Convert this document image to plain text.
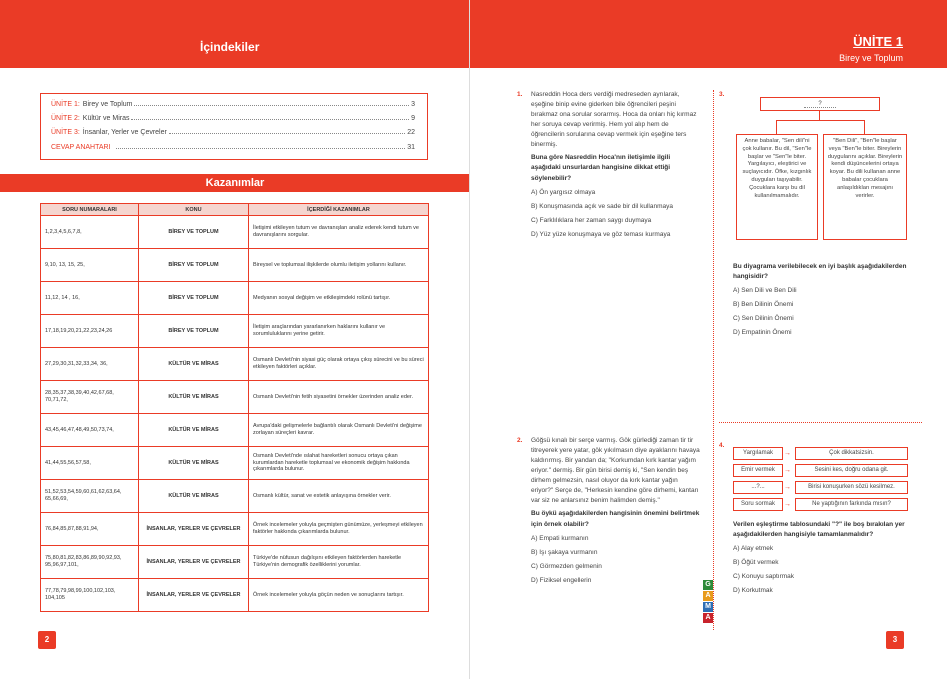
İçindekiler
ÜNİTE 1: Birey ve Toplum	3
ÜNİTE 2: Kültür ve Miras	9
ÜNİTE 3: İnsanlar, Yerler ve Çevreler	22
CEVAP ANAHTARI	31
Kazanımlar
SORU NUMARALARI	KONU	İÇERDİĞİ KAZANIMLAR
1,2,3,4,5,6,7,8,	BİREY VE TOPLUM	İletişimi etkileyen tutum ve davranışları analiz ederek kendi tutum ve davranışlarını sorgular.
9,10, 13, 15, 25,	BİREY VE TOPLUM	Bireysel ve toplumsal ilişkilerde olumlu iletişim yollarını kullanır.
11,12, 14 , 16,	BİREY VE TOPLUM	Medyanın sosyal değişim ve etkileşimdeki rolünü tartışır.
17,18,19,20,21,22,23,24,26	BİREY VE TOPLUM	İletişim araçlarından yararlanırken haklarını kullanır ve sorumluluklarını yerine getirir.
27,29,30,31,32,33,34, 36,	KÜLTÜR VE MİRAS	Osmanlı Devleti'nin siyasi güç olarak ortaya çıkış sürecini ve bu süreci etkileyen faktörleri açıklar.
28,35,37,38,39,40,42,67,68, 70,71,72,	KÜLTÜR VE MİRAS	Osmanlı Devleti'nin fetih siyasetini örnekler üzerinden analiz eder.
43,45,46,47,48,49,50,73,74,	KÜLTÜR VE MİRAS	Avrupa'daki gelişmelerle bağlantılı olarak Osmanlı Devleti'ni değişime zorlayan süreçleri kavrar.
41,44,55,56,57,58,	KÜLTÜR VE MİRAS	Osmanlı Devleti'nde ıslahat hareketleri sonucu ortaya çıkan kurumlardan hareketle toplumsal ve ekonomik değişim hakkında çıkarımlarda bulunur.
51,52,53,54,59,60,61,62,63,64, 65,66,69,	KÜLTÜR VE MİRAS	Osmanlı kültür, sanat ve estetik anlayışına örnekler verir.
76,84,85,87,88,91,94,	İNSANLAR, YERLER VE ÇEVRELER	Örnek incelemeler yoluyla geçmişten günümüze, yerleşmeyi etkileyen faktörler hakkında çıkarımlarda bulunur.
75,80,81,82,83,86,89,90,92,93, 95,96,97,101,	İNSANLAR, YERLER VE ÇEVRELER	Türkiye'de nüfusun dağılışını etkileyen faktörlerden hareketle Türkiye'nin demografik özelliklerini yorumlar.
77,78,79,98,99,100,102,103, 104,105	İNSANLAR, YERLER VE ÇEVRELER	Örnek incelemeler yoluyla göçün neden ve sonuçlarını tartışır.
2
ÜNİTE 1
Birey ve Toplum
1. Nasreddin Hoca ders verdiği medreseden ayrılarak, eşeğine binip evine giderken bile öğrencileri peşini bırakmaz ona sorular sorarmış. Hoca da onları hiç kırmaz her soruya cevap verirmiş. Hem yol alıp hem de öğrencilerin sorularına cevap vermek için eşeğine ters binermiş.
Buna göre Nasreddin Hoca'nın iletişimle ilgili aşağıdaki unsurlardan hangisine dikkat ettiği söylenebilir?
A) Ön yargısız olmaya
B) Konuşmasında açık ve sade bir dil kullanmaya
C) Farklılıklara her zaman saygı duymaya
D) Yüz yüze konuşmaya ve göz teması kurmaya
2. Göğsü kınalı bir serçe varmış. Gök gürlediği zaman tir tir titreyerek yere yatar, gök yıkılmasın diye ayaklarını havaya kaldırırmış. Bir yandan da; "Korkumdan kırk kantar yağım eriyor." dermiş. Bir gün birisi demiş ki, "Sen kendin beş dirhem gelmezsin, nasıl oluyor da kırk kantar yağın eriyor?" Serçe de, "Herkesin kendine göre dirhemi, kantarı var siz ne anlarsınız benim halimden demiş."
Bu öykü aşağıdakilerden hangisinin önemini belirtmek için örnek olabilir?
A) Empati kurmanın
B) Işı şakaya vurmanın
C) Görmezden gelmenin
D) Fiziksel engellerin
G
A
M
A
3.
?
Anne babalar, "Sen dili"ni çok kullanır. Bu dil, "Sen"le başlar ve "Sen"le biter. Yargılayıcı, eleştirici ve suçlayıcıdır. Öfke, kızgınlık duyguları taşıyabilir. Çocuklara karşı bu dil kullanılmamalıdır.
"Ben Dili", "Ben"le başlar veya "Ben"le biter. Bireylerin duygularını açıklar. Bireylerin kendi düşüncelerini ortaya koyar. Bu dili kullanan anne babalar çocuklara anlaşıldıkları mesajını verirler.
Bu diyagrama verilebilecek en iyi başlık aşağıdakilerden hangisidir?
A) Sen Dili ve Ben Dili
B) Ben Dilinin Önemi
C) Sen Dilinin Önemi
D) Empatinin Önemi
4.
Yargılamak	→	Çok dikkatsizsin.
Emir vermek	→	Sesini kes, doğru odana git.
...?...	→	Birisi konuşurken sözü kesilmez.
Soru sormak	→	Ne yaptığının farkında mısın?
Verilen eşleştirme tablosundaki "?" ile boş bırakılan yer aşağıdakilerden hangisiyle tamamlanmalıdır?
A) Alay etmek
B) Öğüt vermek
C) Konuyu saptırmak
D) Korkutmak
3
